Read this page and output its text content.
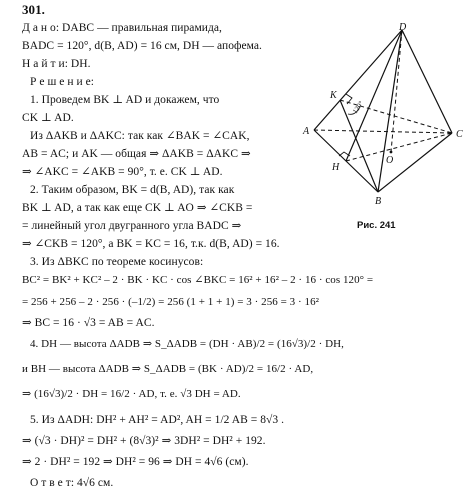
301.
Д а н о: DABC — правильная пирамида,
BADC = 120°, d(B, AD) = 16 см, DH — апофема.
Н а й т и: DH.
Р е ш е н и е:
1. Проведем BK ⊥ AD и докажем, что
CK ⊥ AD.
Из ΔAKB и ΔAKC: так как ∠BAK = ∠CAK,
AB = AC; и AK — общая ⇒ ΔAKB = ΔAKC ⇒
⇒ ∠AKC = ∠AKB = 90°, т. е. CK ⊥ AD.
2. Таким образом, BK = d(B, AD), так как
BK ⊥ AD, а так как еще CK ⊥ AO ⇒ ∠CKB =
= линейный угол двугранного угла BADC ⇒
⇒ ∠CKB = 120°, а BK = KC = 16, т.к. d(B, AD) = 16.
3. Из ΔBKC по теореме косинусов:
BC² = BK² + KC² – 2 · BK · KC · cos ∠BKC = 16² + 16² – 2 · 16 · cos 120° =
= 256 + 256 – 2 · 256 · (–1/2) = 256 (1 + 1 + 1) = 3 · 256 = 3 · 16²
⇒ BC = 16 · √3 = AB = AC.
4. DH — высота ΔADB ⇒ S_ΔADB = (DH · AB)/2 = (16√3)/2 · DH,
и BH — высота ΔADB ⇒ S_ΔADB = (BK · AD)/2 = 16/2 · AD,
⇒ (16√3)/2 · DH = 16/2 · AD, т. е. √3 DH = AD.
5. Из ΔADH: DH² + AH² = AD², AH = 1/2 AB = 8√3 .
⇒ (√3 · DH)² = DH² + (8√3)² ⇒ 3DH² = DH² + 192.
⇒ 2 · DH² = 192 ⇒ DH² = 96 ⇒ DH = 4√6 (см).
О т в е т: 4√6 см.
D
K
A	C
O
H
B
120°
Рис. 241
